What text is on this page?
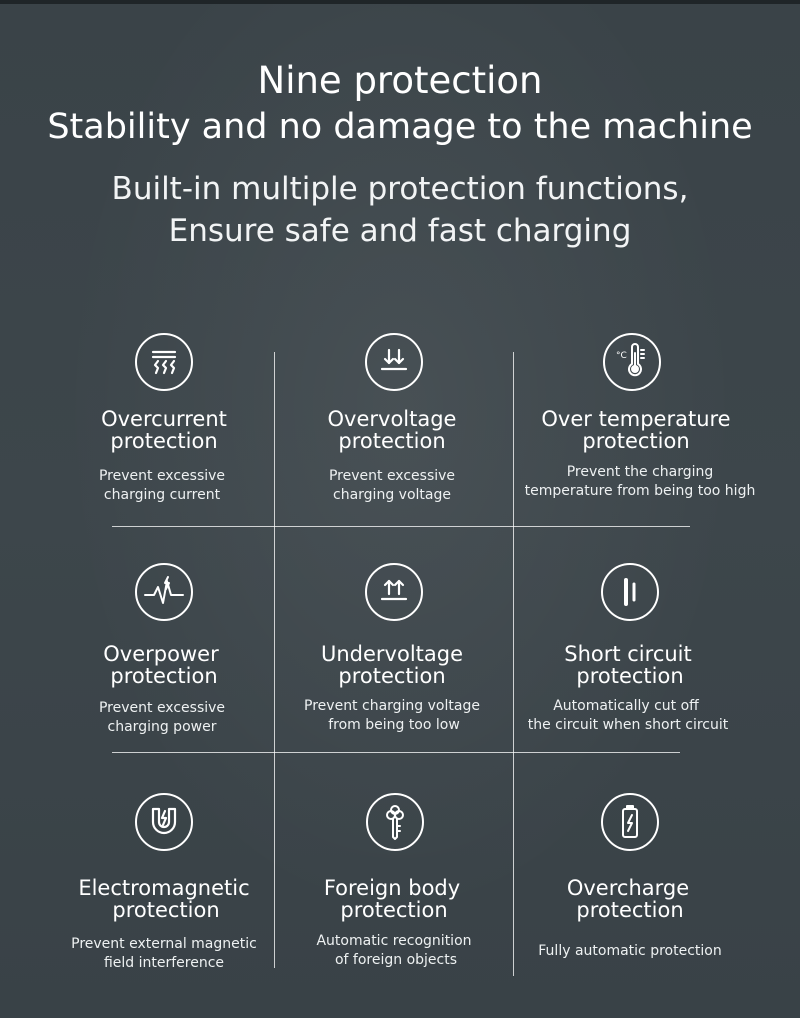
Nine protection
Stability and no damage to the machine
Built-in multiple protection functions,
Ensure safe and fast charging
Overcurrent
protection
Prevent excessive
charging current
Overvoltage
protection
Prevent excessive
charging voltage
°C
Over temperature
protection
Prevent the charging
temperature from being too high
Overpower
protection
Prevent excessive
charging power
Undervoltage
protection
Prevent charging voltage
from being too low
Short circuit
protection
Automatically cut off
the circuit when short circuit
Electromagnetic
protection
Prevent external magnetic
field interference
Foreign body
protection
Automatic recognition
of foreign objects
Overcharge
protection
Fully automatic protection
